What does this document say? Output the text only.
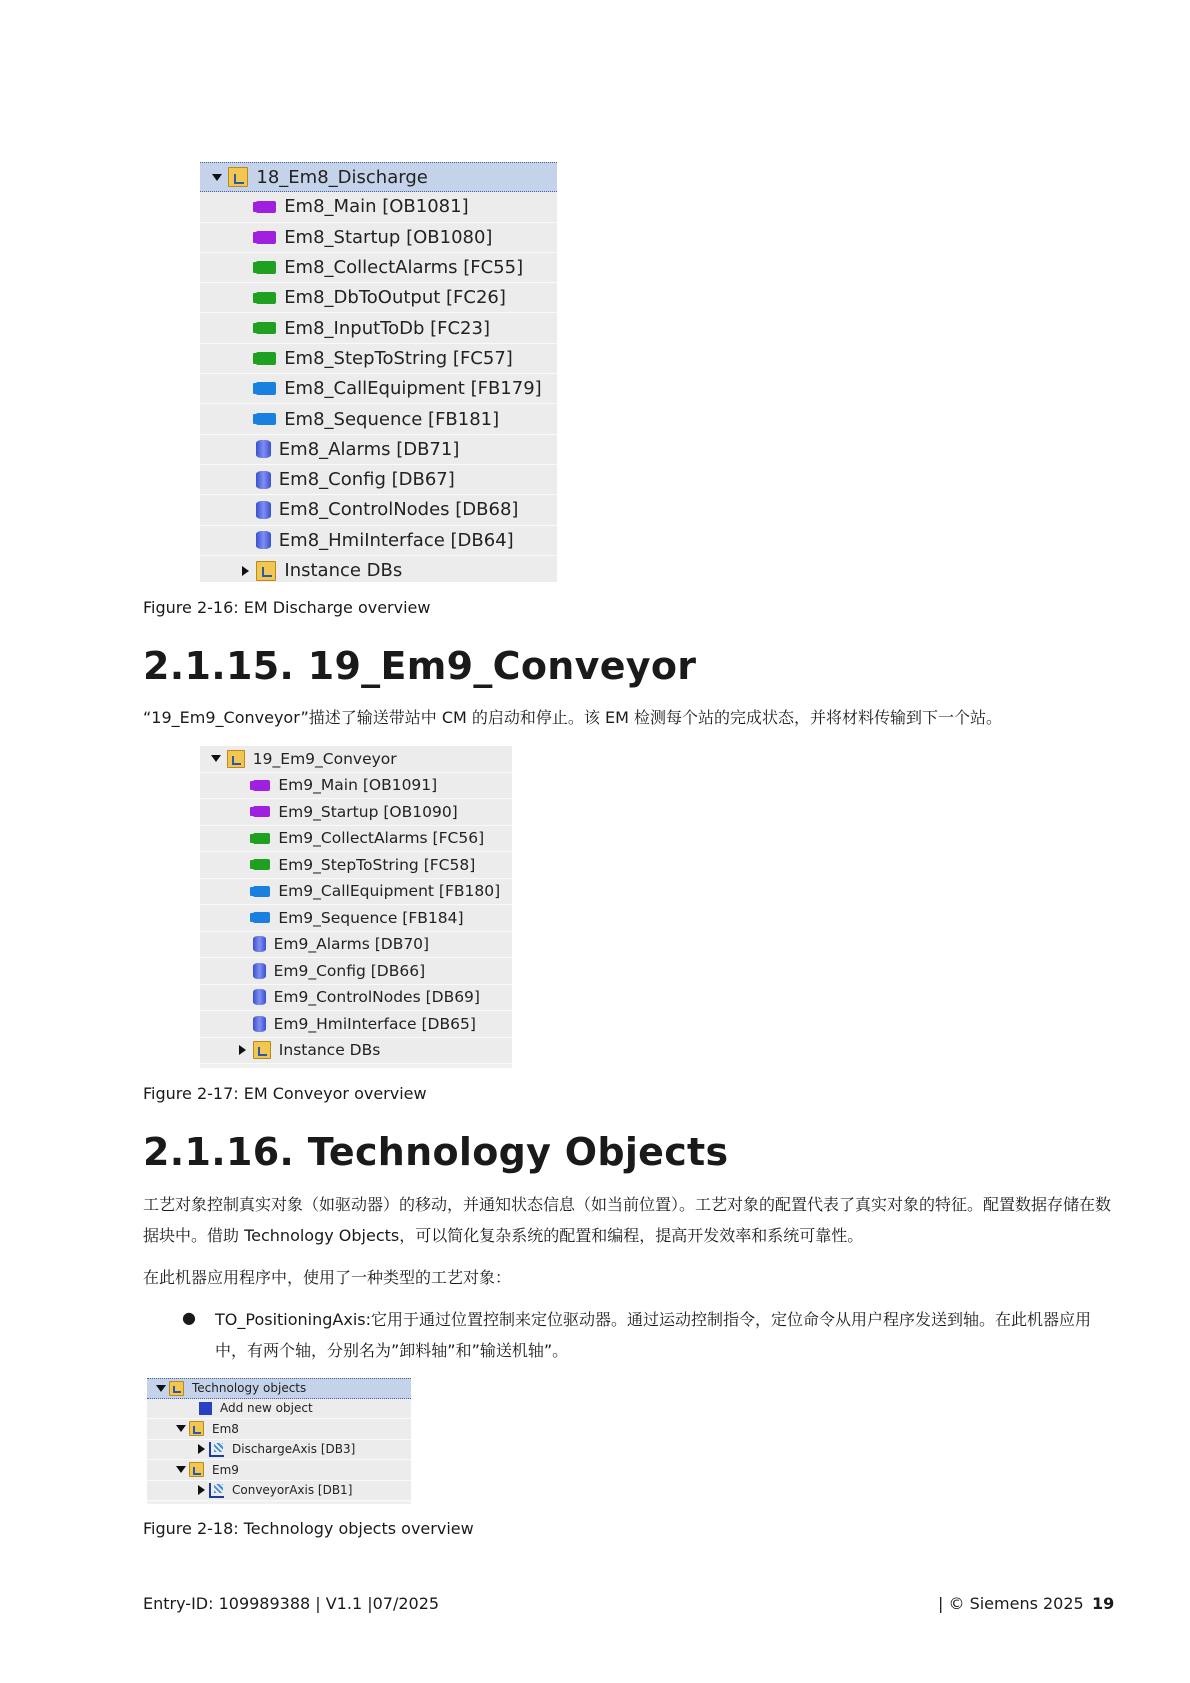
18_Em8_Discharge
Em8_Main [OB1081]
Em8_Startup [OB1080]
Em8_CollectAlarms [FC55]
Em8_DbToOutput [FC26]
Em8_InputToDb [FC23]
Em8_StepToString [FC57]
Em8_CallEquipment [FB179]
Em8_Sequence [FB181]
Em8_Alarms [DB71]
Em8_Config [DB67]
Em8_ControlNodes [DB68]
Em8_HmiInterface [DB64]
Instance DBs
Figure 2-16: EM Discharge overview
2.1.15. 19_Em9_Conveyor
“19_Em9_Conveyor”描述了输送带站中 CM 的启动和停止。该 EM 检测每个站的完成状态，并将材料传输到下一个站。
19_Em9_Conveyor
Em9_Main [OB1091]
Em9_Startup [OB1090]
Em9_CollectAlarms [FC56]
Em9_StepToString [FC58]
Em9_CallEquipment [FB180]
Em9_Sequence [FB184]
Em9_Alarms [DB70]
Em9_Config [DB66]
Em9_ControlNodes [DB69]
Em9_HmiInterface [DB65]
Instance DBs
Figure 2-17: EM Conveyor overview
2.1.16. Technology Objects
工艺对象控制真实对象（如驱动器）的移动，并通知状态信息（如当前位置）。工艺对象的配置代表了真实对象的特征。配置数据存储在数据块中。借助 Technology Objects，可以简化复杂系统的配置和编程，提高开发效率和系统可靠性。
在此机器应用程序中，使用了一种类型的工艺对象：
● TO_PositioningAxis:它用于通过位置控制来定位驱动器。通过运动控制指令，定位命令从用户程序发送到轴。在此机器应用中，有两个轴，分别名为”卸料轴”和”输送机轴”。
Technology objects
Add new object
Em8
DischargeAxis [DB3]
Em9
ConveyorAxis [DB1]
Figure 2-18: Technology objects overview
Entry-ID: 109989388 | V1.1 |07/2025	| © Siemens 2025 19
